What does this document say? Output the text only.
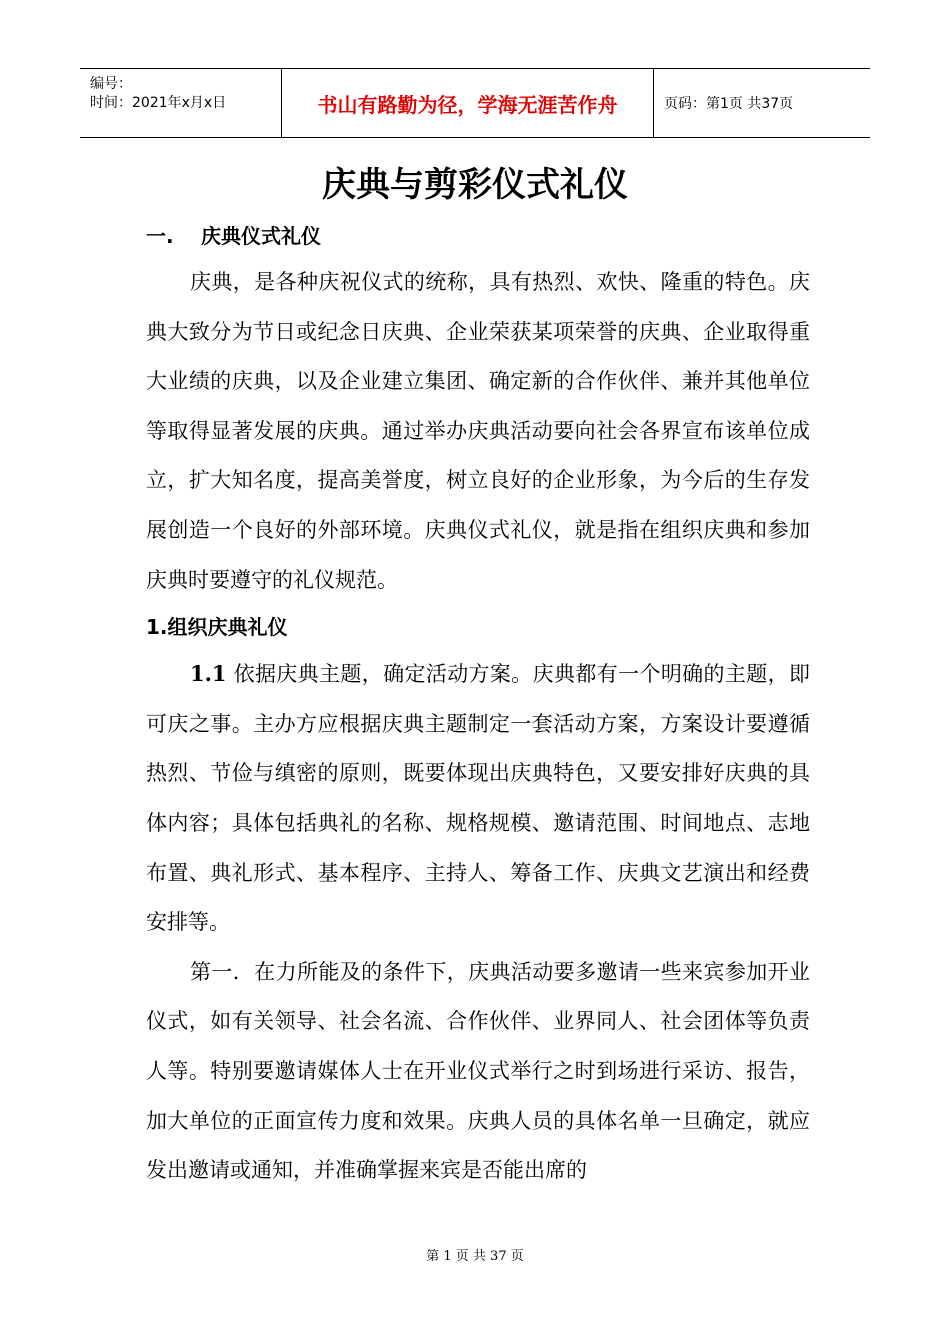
编号：
时间：2021年x月x日	书山有路勤为径，学海无涯苦作舟	页码：第1页 共37页
庆典与剪彩仪式礼仪

一. 庆典仪式礼仪

庆典，是各种庆祝仪式的统称，具有热烈、欢快、隆重的特色。庆典大致分为节日或纪念日庆典、企业荣获某项荣誉的庆典、企业取得重大业绩的庆典，以及企业建立集团、确定新的合作伙伴、兼并其他单位等取得显著发展的庆典。通过举办庆典活动要向社会各界宣布该单位成立，扩大知名度，提高美誉度，树立良好的企业形象，为今后的生存发展创造一个良好的外部环境。庆典仪式礼仪，就是指在组织庆典和参加庆典时要遵守的礼仪规范。

1.组织庆典礼仪

1.1 依据庆典主题，确定活动方案。庆典都有一个明确的主题，即可庆之事。主办方应根据庆典主题制定一套活动方案，方案设计要遵循热烈、节俭与缜密的原则，既要体现出庆典特色，又要安排好庆典的具体内容；具体包括典礼的名称、规格规模、邀请范围、时间地点、志地布置、典礼形式、基本程序、主持人、筹备工作、庆典文艺演出和经费安排等。

第一．在力所能及的条件下，庆典活动要多邀请一些来宾参加开业仪式，如有关领导、社会名流、合作伙伴、业界同人、社会团体等负责人等。特别要邀请媒体人士在开业仪式举行之时到场进行采访、报告，加大单位的正面宣传力度和效果。庆典人员的具体名单一旦确定，就应发出邀请或通知，并准确掌握来宾是否能出席的

第 1 页 共 37 页
